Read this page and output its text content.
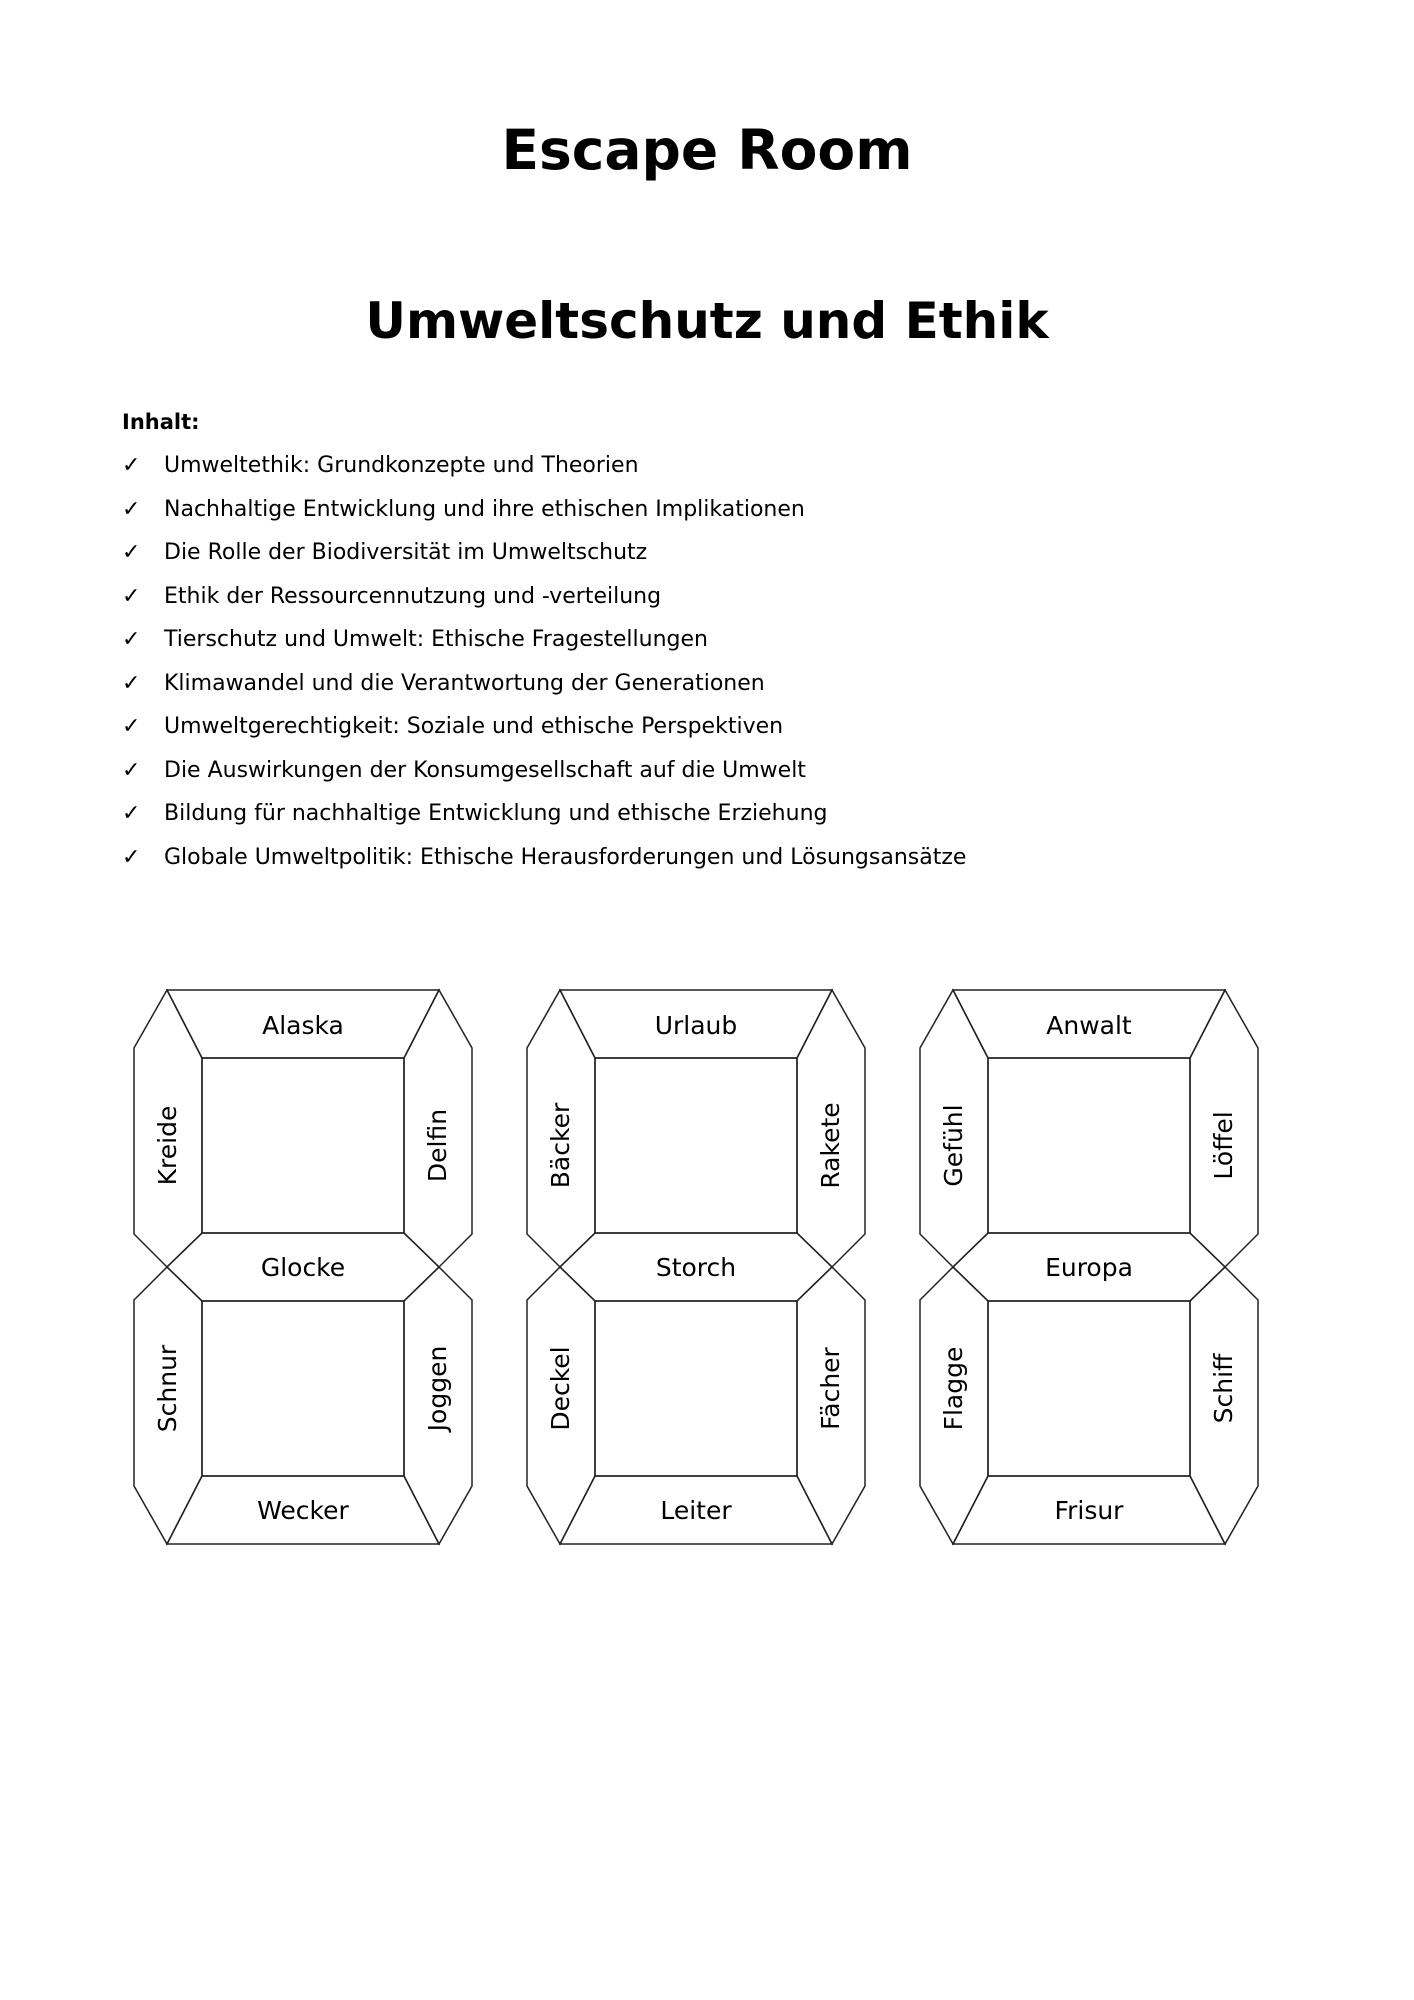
Escape Room
Umweltschutz und Ethik
Inhalt:
✓ Umweltethik: Grundkonzepte und Theorien
✓ Nachhaltige Entwicklung und ihre ethischen Implikationen
✓ Die Rolle der Biodiversität im Umweltschutz
✓ Ethik der Ressourcennutzung und -verteilung
✓ Tierschutz und Umwelt: Ethische Fragestellungen
✓ Klimawandel und die Verantwortung der Generationen
✓ Umweltgerechtigkeit: Soziale und ethische Perspektiven
✓ Die Auswirkungen der Konsumgesellschaft auf die Umwelt
✓ Bildung für nachhaltige Entwicklung und ethische Erziehung
✓ Globale Umweltpolitik: Ethische Herausforderungen und Lösungsansätze
Alaska
Glocke
Wecker
Kreide	Delfin
Schnur	Joggen
Urlaub
Storch
Leiter
Bäcker	Rakete
Deckel	Fächer
Anwalt
Europa
Frisur
Gefühl	Löffel
Flagge	Schiff
